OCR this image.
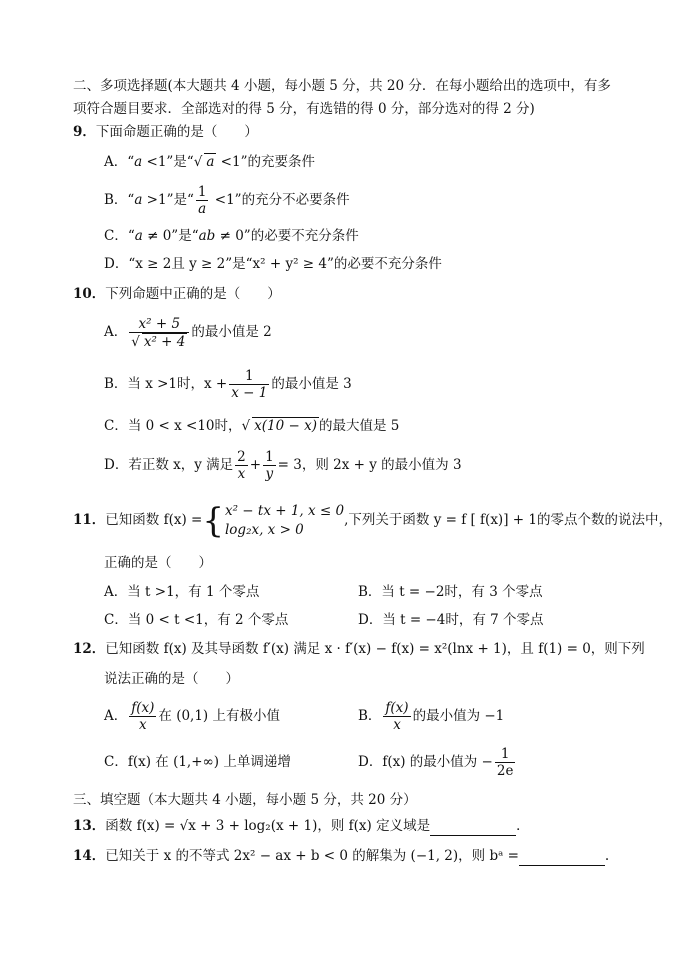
二、多项选择题(本大题共 4 小题，每小题 5 分，共 20 分．在每小题给出的选项中，有多
项符合题目要求．全部选对的得 5 分，有选错的得 0 分，部分选对的得 2 分)
9．下面命题正确的是（　　）
A．“a <1”是“√ a <1”的充要条件
B．“a >1”是“ $\frac{1}{a} <1$”的充分不必要条件
C．“a ≠ 0”是“ab ≠ 0”的必要不充分条件
D．“x ≥ 2且 y ≥ 2”是“x² + y² ≥ 4”的必要不充分条件
10．下列命题中正确的是（　　）
A． $\frac{\text{x² + 5}}{\text{√ x² + 4}}$ 的最小值是 2
B．当 x >1时，$x + \frac{1}{x - 1}$ 的最小值是 3
C．当 0 < x <10时，√ x(10 − x) 的最大值是 5
D．若正数 x，y 满足 $\frac{2}{x} + \frac{1}{y} = 3$，则 2x + y 的最小值为 3
11．已知函数 f(x) ={ x² − tx + 1, x ≤ 0
log₂x, x > 0
,下列关于函数 y = f [ f(x)] + 1的零点个数的说法中，
正确的是（　　）
A．当 t >1，有 1 个零点	B．当 t = −2时，有 3 个零点
C．当 0 < t <1，有 2 个零点	D．当 t = −4时，有 7 个零点
12．已知函数 f(x) 及其导函数 f′(x) 满足 x · f′(x) − f(x) = x²(lnx + 1)，且 f(1) = 0，则下列
说法正确的是（　　）
A． $\frac{f(x)}{x}$ 在 (0,1) 上有极小值	B． $\frac{f(x)}{x}$ 的最小值为 −1
C．f(x) 在 (1,+∞) 上单调递增	D．f(x) 的最小值为 − $\frac{1}{2e}$
三、填空题（本大题共 4 小题，每小题 5 分，共 20 分）
13．函数 f(x) = √x + 3 + log₂(x + 1)，则 f(x) 定义域是	．
14．已知关于 x 的不等式 2x² − ax + b < 0 的解集为 (−1, 2)，则 bᵃ =	.
